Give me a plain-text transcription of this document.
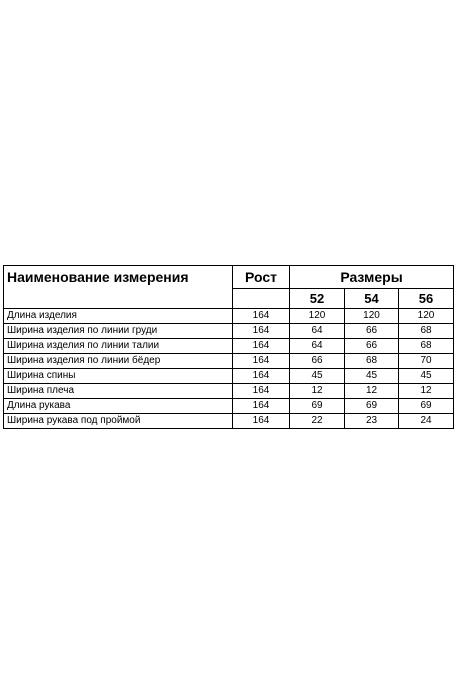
Наименование измерения	Рост	Размеры		
		52	54	56
Длина изделия	164	120	120	120
Ширина изделия по линии груди	164	64	66	68
Ширина изделия по линии талии	164	64	66	68
Ширина изделия по линии бёдер	164	66	68	70
Ширина спины	164	45	45	45
Ширина плеча	164	12	12	12
Длина рукава	164	69	69	69
Ширина рукава под проймой	164	22	23	24
